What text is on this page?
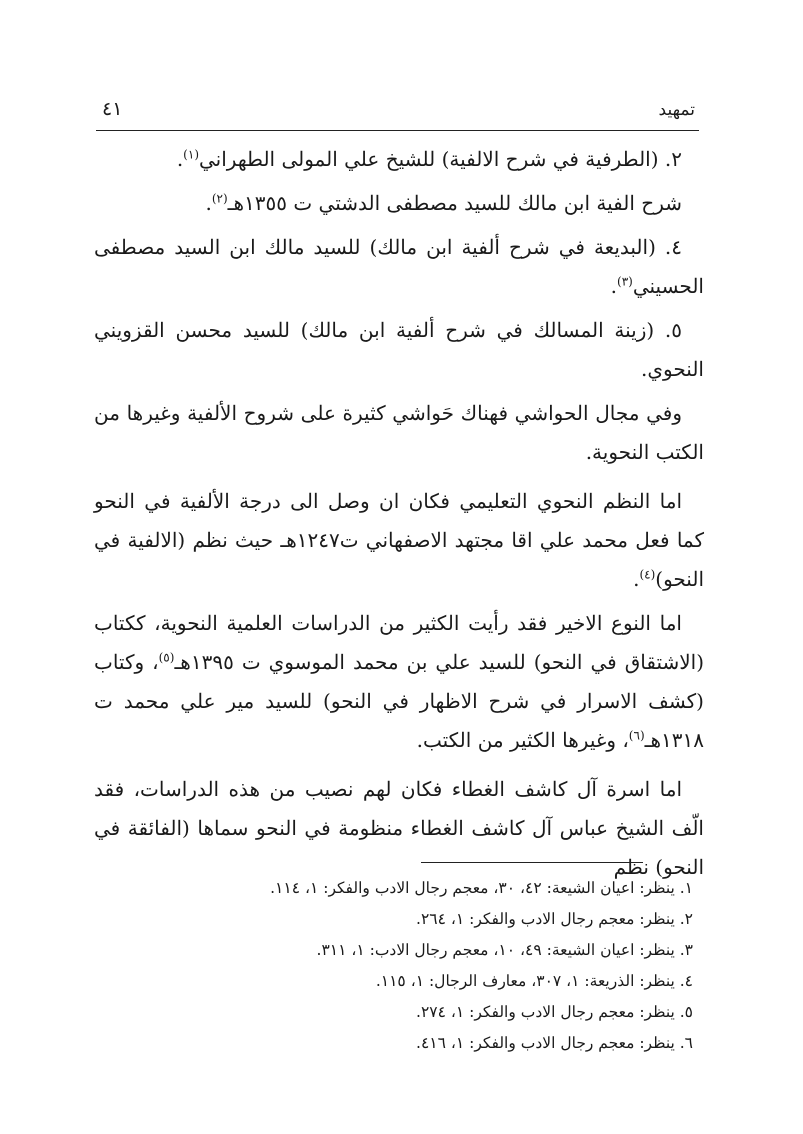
تمهيد
٤١

٢. (الطرفية في شرح الالفية) للشيخ علي المولى الطهراني$^{(١)}$.

شرح الفية ابن مالك للسيد مصطفى الدشتي ت ١٣٥٥هـ$^{(٢)}$.

٤. (البديعة في شرح ألفية ابن مالك) للسيد مالك ابن السيد مصطفى الحسيني$^{(٣)}$.

٥. (زينة المسالك في شرح ألفية ابن مالك) للسيد محسن القزويني النحوي.

وفي مجال الحواشي فهناك حَواشي كثيرة على شروح الألفية وغيرها من الكتب النحوية.

اما النظم النحوي التعليمي فكان ان وصل الى درجة الألفية في النحو كما فعل محمد علي اقا مجتهد الاصفهاني ت١٢٤٧هـ حيث نظم (الالفية في النحو)$^{(٤)}$.

اما النوع الاخير فقد رأيت الكثير من الدراسات العلمية النحوية، ككتاب (الاشتقاق في النحو) للسيد علي بن محمد الموسوي ت ١٣٩٥هـ$^{(٥)}$، وكتاب (كشف الاسرار في شرح الاظهار في النحو) للسيد مير علي محمد ت ١٣١٨هـ$^{(٦)}$، وغيرها الكثير من الكتب.

اما اسرة آل كاشف الغطاء فكان لهم نصيب من هذه الدراسات، فقد الّف الشيخ عباس آل كاشف الغطاء منظومة في النحو سماها (الفائقة في النحو) نظم

١. ينظر: اعيان الشيعة: ٤٢، ٣٠، معجم رجال الادب والفكر: ١، ١١٤.

٢. ينظر: معجم رجال الادب والفكر: ١، ٢٦٤.

٣. ينظر: اعيان الشيعة: ٤٩، ١٠، معجم رجال الادب: ١، ٣١١.

٤. ينظر: الذريعة: ١، ٣٠٧، معارف الرجال: ١، ١١٥.

٥. ينظر: معجم رجال الادب والفكر: ١، ٢٧٤.

٦. ينظر: معجم رجال الادب والفكر: ١، ٤١٦.
